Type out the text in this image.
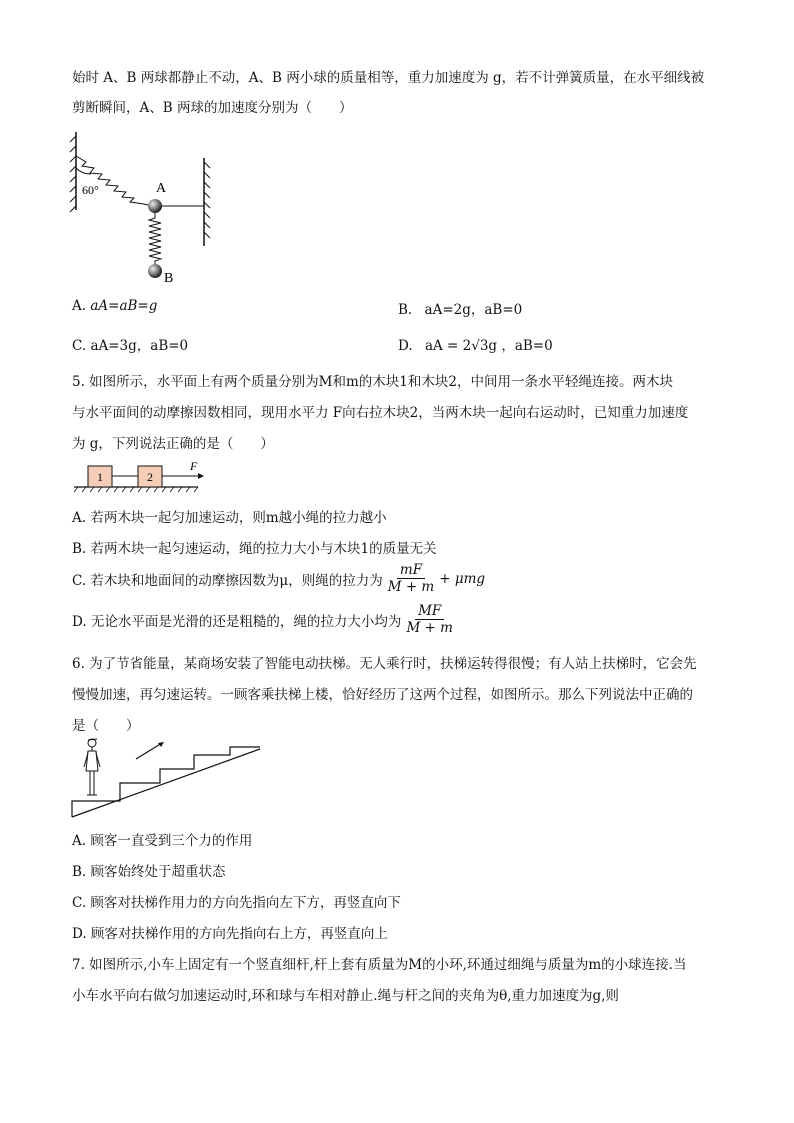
始时 A、B 两球都静止不动，A、B 两小球的质量相等，重力加速度为 g，若不计弹簧质量，在水平细线被
剪断瞬间，A、B 两球的加速度分别为（　　）
60°	A
B
A. aA=aB=g	B. aA=2g，aB=0
C. aA=3g，aB=0	D. aA = 2√3g ，aB=0
5. 如图所示，水平面上有两个质量分别为M和m的木块1和木块2，中间用一条水平轻绳连接。两木块
与水平面间的动摩擦因数相同，现用水平力 F向右拉木块2，当两木块一起向右运动时，已知重力加速度
为 g，下列说法正确的是（　　）
1	2
F
A. 若两木块一起匀加速运动，则m越小绳的拉力越小
B. 若两木块一起匀速运动，绳的拉力大小与木块1的质量无关
C. 若木块和地面间的动摩擦因数为μ，则绳的拉力为 $\frac{mF}{M + m} + \mu mg$
D. 无论水平面是光滑的还是粗糙的，绳的拉力大小均为 $\frac{MF}{M + m}$
6. 为了节省能量，某商场安装了智能电动扶梯。无人乘行时，扶梯运转得很慢；有人站上扶梯时，它会先
慢慢加速，再匀速运转。一顾客乘扶梯上楼，恰好经历了这两个过程，如图所示。那么下列说法中正确的
是（　　）
A. 顾客一直受到三个力的作用
B. 顾客始终处于超重状态
C. 顾客对扶梯作用力的方向先指向左下方，再竖直向下
D. 顾客对扶梯作用的方向先指向右上方，再竖直向上
7. 如图所示,小车上固定有一个竖直细杆,杆上套有质量为M的小环,环通过细绳与质量为m的小球连接.当
小车水平向右做匀加速运动时,环和球与车相对静止.绳与杆之间的夹角为θ,重力加速度为g,则
